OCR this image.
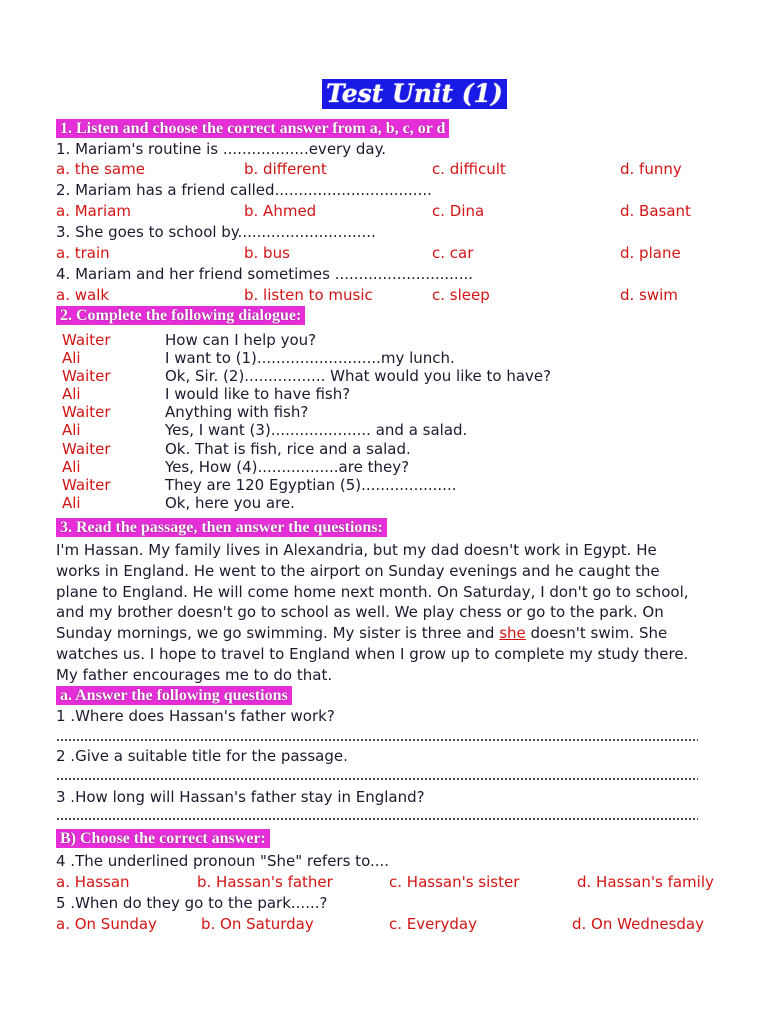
Test Unit (1)
1. Listen and choose the correct answer from a, b, c, or d
1. Mariam's routine is ..................every day.
a. the same	b. different	c. difficult	d. funny
2. Mariam has a friend called.................................
a. Mariam	b. Ahmed	c. Dina	d. Basant
3. She goes to school by.............................
a. train	b. bus	c. car	d. plane
4. Mariam and her friend sometimes .............................
a. walk	b. listen to music	c. sleep	d. swim
2. Complete the following dialogue:
Waiter	How can I help you?
Ali	I want to (1)..........................my lunch.
Waiter	Ok, Sir. (2)................. What would you like to have?
Ali	I would like to have fish?
Waiter	Anything with fish?
Ali	Yes, I want (3)..................... and a salad.
Waiter	Ok. That is fish, rice and a salad.
Ali	Yes, How (4).................are they?
Waiter	They are 120 Egyptian (5)....................
Ali	Ok, here you are.
3. Read the passage, then answer the questions:
I'm Hassan. My family lives in Alexandria, but my dad doesn't work in Egypt. He works in England. He went to the airport on Sunday evenings and he caught the plane to England. He will come home next month. On Saturday, I don't go to school, and my brother doesn't go to school as well. We play chess or go to the park. On Sunday mornings, we go swimming. My sister is three and she doesn't swim. She watches us. I hope to travel to England when I grow up to complete my study there. My father encourages me to do that.
a. Answer the following questions
1 .Where does Hassan's father work?
2 .Give a suitable title for the passage.
3 .How long will Hassan's father stay in England?
B) Choose the correct answer:
4 .The underlined pronoun "She" refers to....
a. Hassan	b. Hassan's father	c. Hassan's sister	d. Hassan's family
5 .When do they go to the park......?
a. On Sunday	b. On Saturday	c. Everyday	d. On Wednesday
